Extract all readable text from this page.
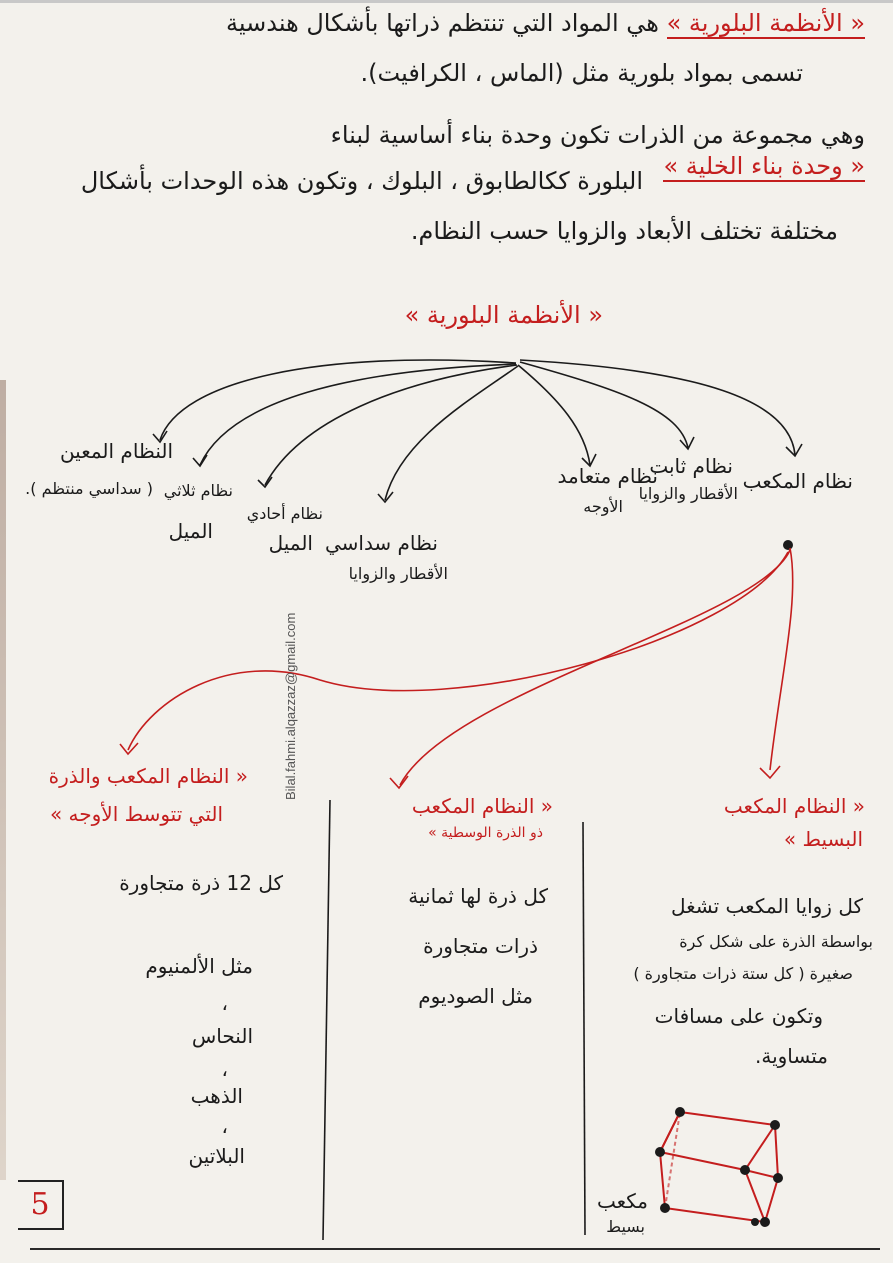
« الأنظمة البلورية » هي المواد التي تنتظم ذراتها بأشكال هندسية
تسمى بمواد بلورية مثل (الماس ، الكرافيت).
وهي مجموعة من الذرات تكون وحدة بناء أساسية لبناء
« وحدة بناء الخلية »
البلورة ككالطابوق ، البلوك ، وتكون هذه الوحدات بأشكال
مختلفة تختلف الأبعاد والزوايا حسب النظام.
« الأنظمة البلورية »
نظام المكعب
نظام ثابت
الأقطار والزوايا
نظام متعامد
الأوجه
نظام سداسي
الأقطار والزوايا
نظام أحادي
الميل
نظام ثلاثي
الميل
النظام المعين
( سداسي منتظم ).
Bilal.fahmi.alqazzaz@gmail.com
« النظام المكعب
البسيط »
كل زوايا المكعب تشغل
بواسطة الذرة على شكل كرة
صغيرة ( كل ستة ذرات متجاورة )
وتكون على مسافات
متساوية.
مكعب
بسيط
« النظام المكعب
ذو الذرة الوسطية »
كل ذرة لها ثمانية
ذرات متجاورة
مثل الصوديوم
« النظام المكعب والذرة
التي تتوسط الأوجه »
كل 12 ذرة متجاورة
مثل الألمنيوم
،
النحاس
،
الذهب
،
البلاتين
5
